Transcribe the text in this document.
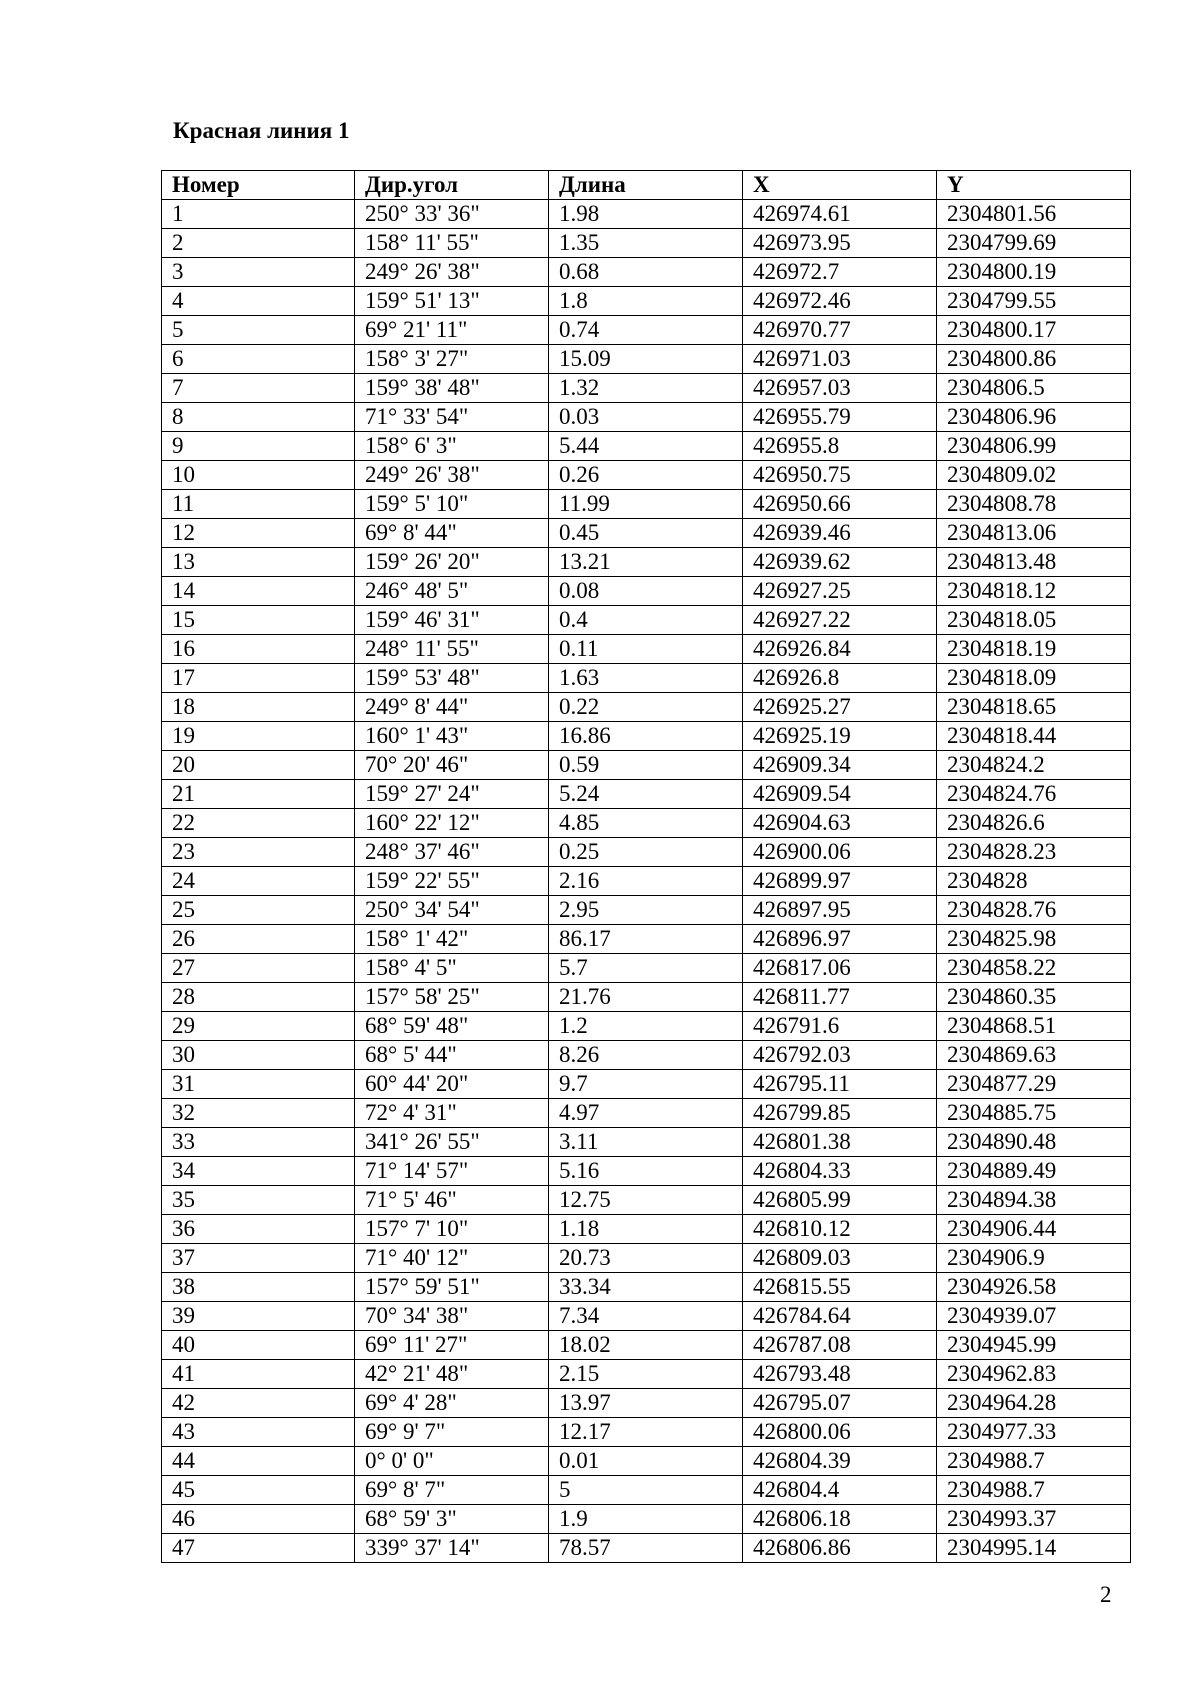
Красная линия 1
Номер	Дир.угол	Длина	X	Y
1	250° 33' 36"	1.98	426974.61	2304801.56
2	158° 11' 55"	1.35	426973.95	2304799.69
3	249° 26' 38"	0.68	426972.7	2304800.19
4	159° 51' 13"	1.8	426972.46	2304799.55
5	69° 21' 11"	0.74	426970.77	2304800.17
6	158° 3' 27"	15.09	426971.03	2304800.86
7	159° 38' 48"	1.32	426957.03	2304806.5
8	71° 33' 54"	0.03	426955.79	2304806.96
9	158° 6' 3"	5.44	426955.8	2304806.99
10	249° 26' 38"	0.26	426950.75	2304809.02
11	159° 5' 10"	11.99	426950.66	2304808.78
12	69° 8' 44"	0.45	426939.46	2304813.06
13	159° 26' 20"	13.21	426939.62	2304813.48
14	246° 48' 5"	0.08	426927.25	2304818.12
15	159° 46' 31"	0.4	426927.22	2304818.05
16	248° 11' 55"	0.11	426926.84	2304818.19
17	159° 53' 48"	1.63	426926.8	2304818.09
18	249° 8' 44"	0.22	426925.27	2304818.65
19	160° 1' 43"	16.86	426925.19	2304818.44
20	70° 20' 46"	0.59	426909.34	2304824.2
21	159° 27' 24"	5.24	426909.54	2304824.76
22	160° 22' 12"	4.85	426904.63	2304826.6
23	248° 37' 46"	0.25	426900.06	2304828.23
24	159° 22' 55"	2.16	426899.97	2304828
25	250° 34' 54"	2.95	426897.95	2304828.76
26	158° 1' 42"	86.17	426896.97	2304825.98
27	158° 4' 5"	5.7	426817.06	2304858.22
28	157° 58' 25"	21.76	426811.77	2304860.35
29	68° 59' 48"	1.2	426791.6	2304868.51
30	68° 5' 44"	8.26	426792.03	2304869.63
31	60° 44' 20"	9.7	426795.11	2304877.29
32	72° 4' 31"	4.97	426799.85	2304885.75
33	341° 26' 55"	3.11	426801.38	2304890.48
34	71° 14' 57"	5.16	426804.33	2304889.49
35	71° 5' 46"	12.75	426805.99	2304894.38
36	157° 7' 10"	1.18	426810.12	2304906.44
37	71° 40' 12"	20.73	426809.03	2304906.9
38	157° 59' 51"	33.34	426815.55	2304926.58
39	70° 34' 38"	7.34	426784.64	2304939.07
40	69° 11' 27"	18.02	426787.08	2304945.99
41	42° 21' 48"	2.15	426793.48	2304962.83
42	69° 4' 28"	13.97	426795.07	2304964.28
43	69° 9' 7"	12.17	426800.06	2304977.33
44	0° 0' 0"	0.01	426804.39	2304988.7
45	69° 8' 7"	5	426804.4	2304988.7
46	68° 59' 3"	1.9	426806.18	2304993.37
47	339° 37' 14"	78.57	426806.86	2304995.14
2
